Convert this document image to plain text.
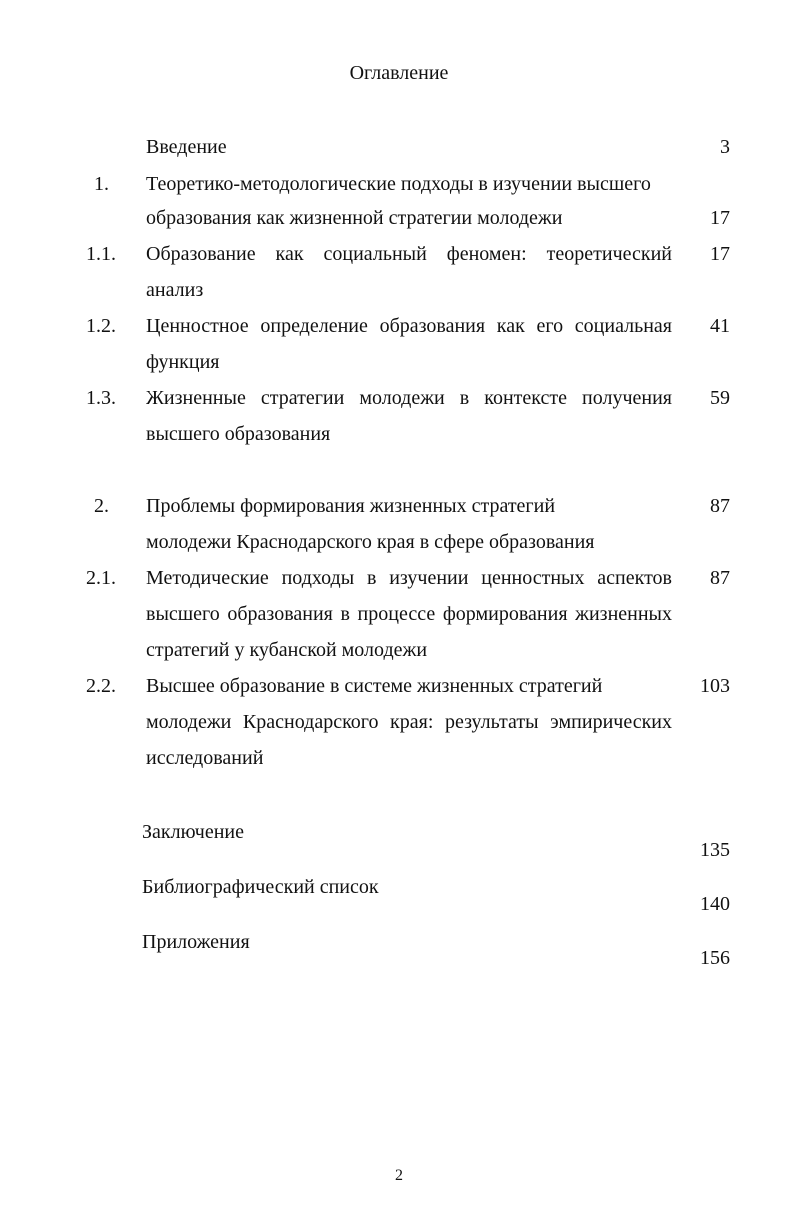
Оглавление
Введение	3
1. Теоретико-методологические подходы в изучении высшего
образования как жизненной стратегии молодежи	17
1.1. Образование как социальный феномен: теоретический
анализ
17
1.2. Ценностное определение образования как его социальная
функция
41
1.3. Жизненные стратегии молодежи в контексте получения
высшего образования
59
2. Проблемы формирования жизненных стратегий
молодежи Краснодарского края в сфере образования
87
2.1. Методические подходы в изучении ценностных аспектов
высшего образования в процессе формирования жизненных
стратегий у кубанской молодежи
87
2.2. Высшее образование в системе жизненных стратегий
молодежи Краснодарского края: результаты эмпирических
исследований
103
Заключение
135
Библиографический список
140
Приложения
156
2
